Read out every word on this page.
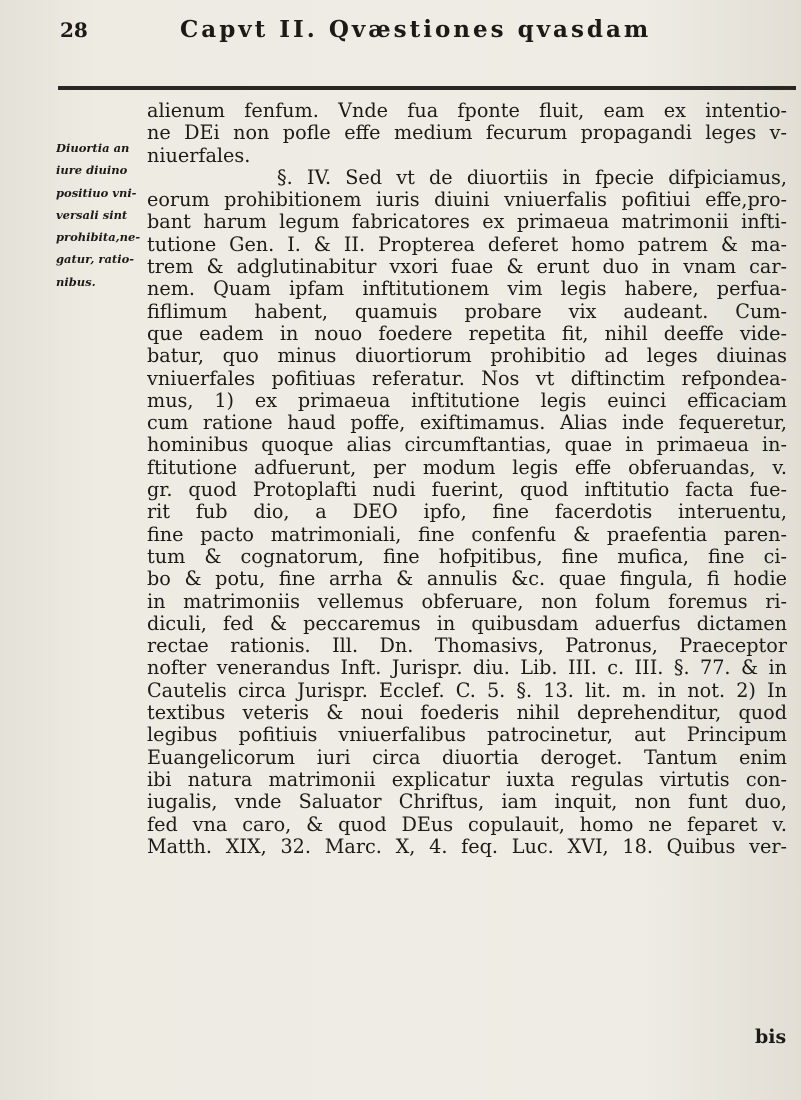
28	Capvt II. Qvæstiones qvasdam
Diuortia an
iure diuino
positiuo vni-
versali sint
prohibita,ne-
gatur, ratio-
nibus.
alienum fenfum. Vnde fua fponte fluit, eam ex intentio-
ne DEi non pofle effe medium fecurum propagandi leges v-
niuerfales.
§. IV. Sed vt de diuortiis in fpecie difpiciamus,
eorum prohibitionem iuris diuini vniuerfalis pofitiui effe,pro-
bant harum legum fabricatores ex primaeua matrimonii infti-
tutione Gen. I. & II. Propterea deferet homo patrem & ma-
trem & adglutinabitur vxori fuae & erunt duo in vnam car-
nem. Quam ipfam inftitutionem vim legis habere, perfua-
fiflimum habent, quamuis probare vix audeant. Cum-
que eadem in nouo foedere repetita fit, nihil deeffe vide-
batur, quo minus diuortiorum prohibitio ad leges diuinas
vniuerfales pofitiuas referatur. Nos vt diftinctim refpondea-
mus, 1) ex primaeua inftitutione legis euinci efficaciam
cum ratione haud poffe, exiftimamus. Alias inde fequeretur,
hominibus quoque alias circumftantias, quae in primaeua in-
ftitutione adfuerunt, per modum legis effe obferuandas, v.
gr. quod Protoplafti nudi fuerint, quod inftitutio facta fue-
rit fub dio, a DEO ipfo, fine facerdotis interuentu,
fine pacto matrimoniali, fine confenfu & praefentia paren-
tum & cognatorum, fine hofpitibus, fine mufica, fine ci-
bo & potu, fine arrha & annulis &c. quae fingula, fi hodie
in matrimoniis vellemus obferuare, non folum foremus ri-
diculi, fed & peccaremus in quibusdam aduerfus dictamen
rectae rationis. Ill. Dn. Thomasivs, Patronus, Praeceptor
nofter venerandus Inft. Jurispr. diu. Lib. III. c. III. §. 77. & in
Cautelis circa Jurispr. Ecclef. C. 5. §. 13. lit. m. in not. 2) In
textibus veteris & noui foederis nihil deprehenditur, quod
legibus pofitiuis vniuerfalibus patrocinetur, aut Principum
Euangelicorum iuri circa diuortia deroget. Tantum enim
ibi natura matrimonii explicatur iuxta regulas virtutis con-
iugalis, vnde Saluator Chriftus, iam inquit, non funt duo,
fed vna caro, & quod DEus copulauit, homo ne feparet v.
Matth. XIX, 32. Marc. X, 4. feq. Luc. XVI, 18. Quibus ver-
bis
